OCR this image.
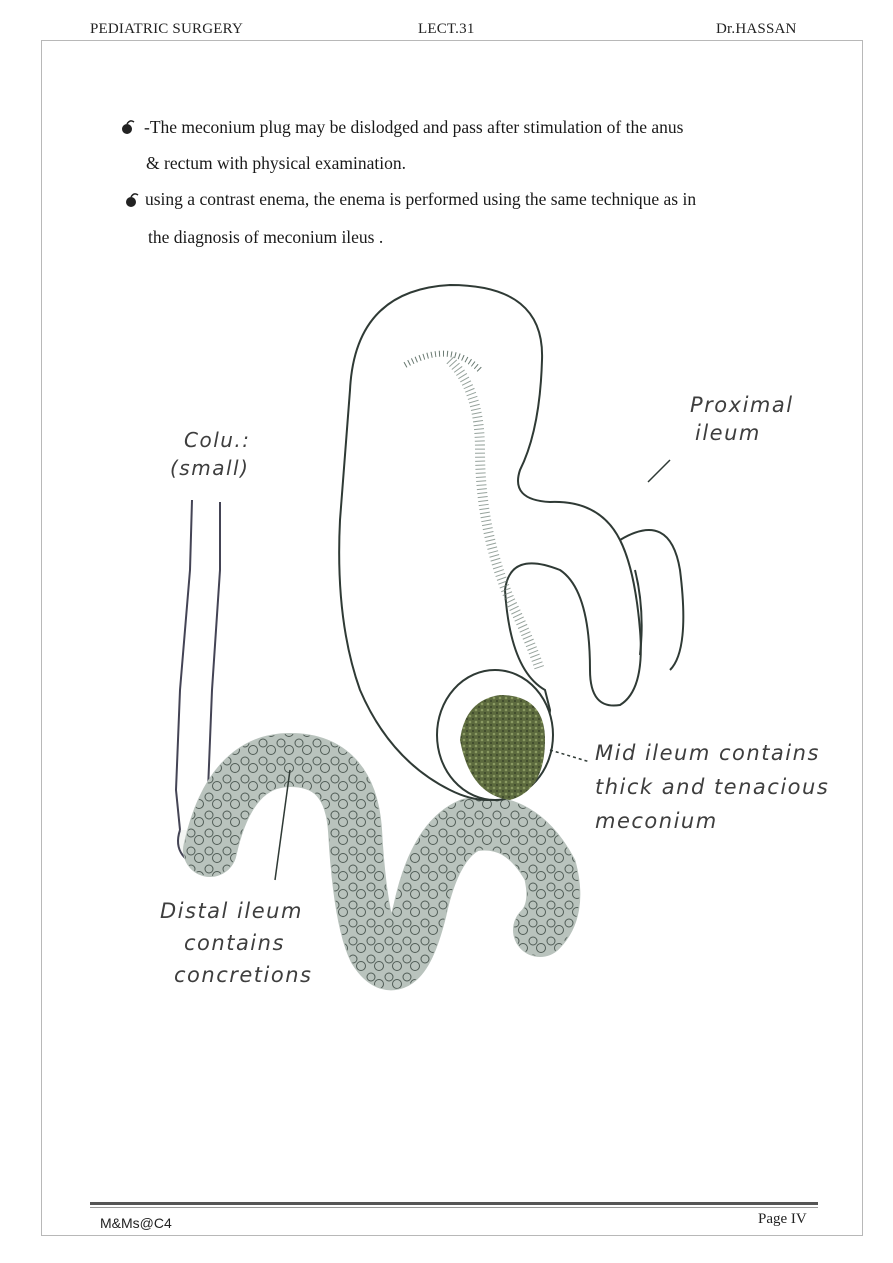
PEDIATRIC SURGERY	LECT.31	Dr.HASSAN
-The meconium plug may be dislodged and pass after stimulation of the anus
& rectum with physical examination.
using a contrast enema, the enema is performed using the same technique as in
the diagnosis of meconium ileus .
Colu.:
(small)
Proximal
ileum
Mid ileum contains
thick and tenacious
meconium
Distal ileum
contains
concretions
M&Ms@C4	Page IV
